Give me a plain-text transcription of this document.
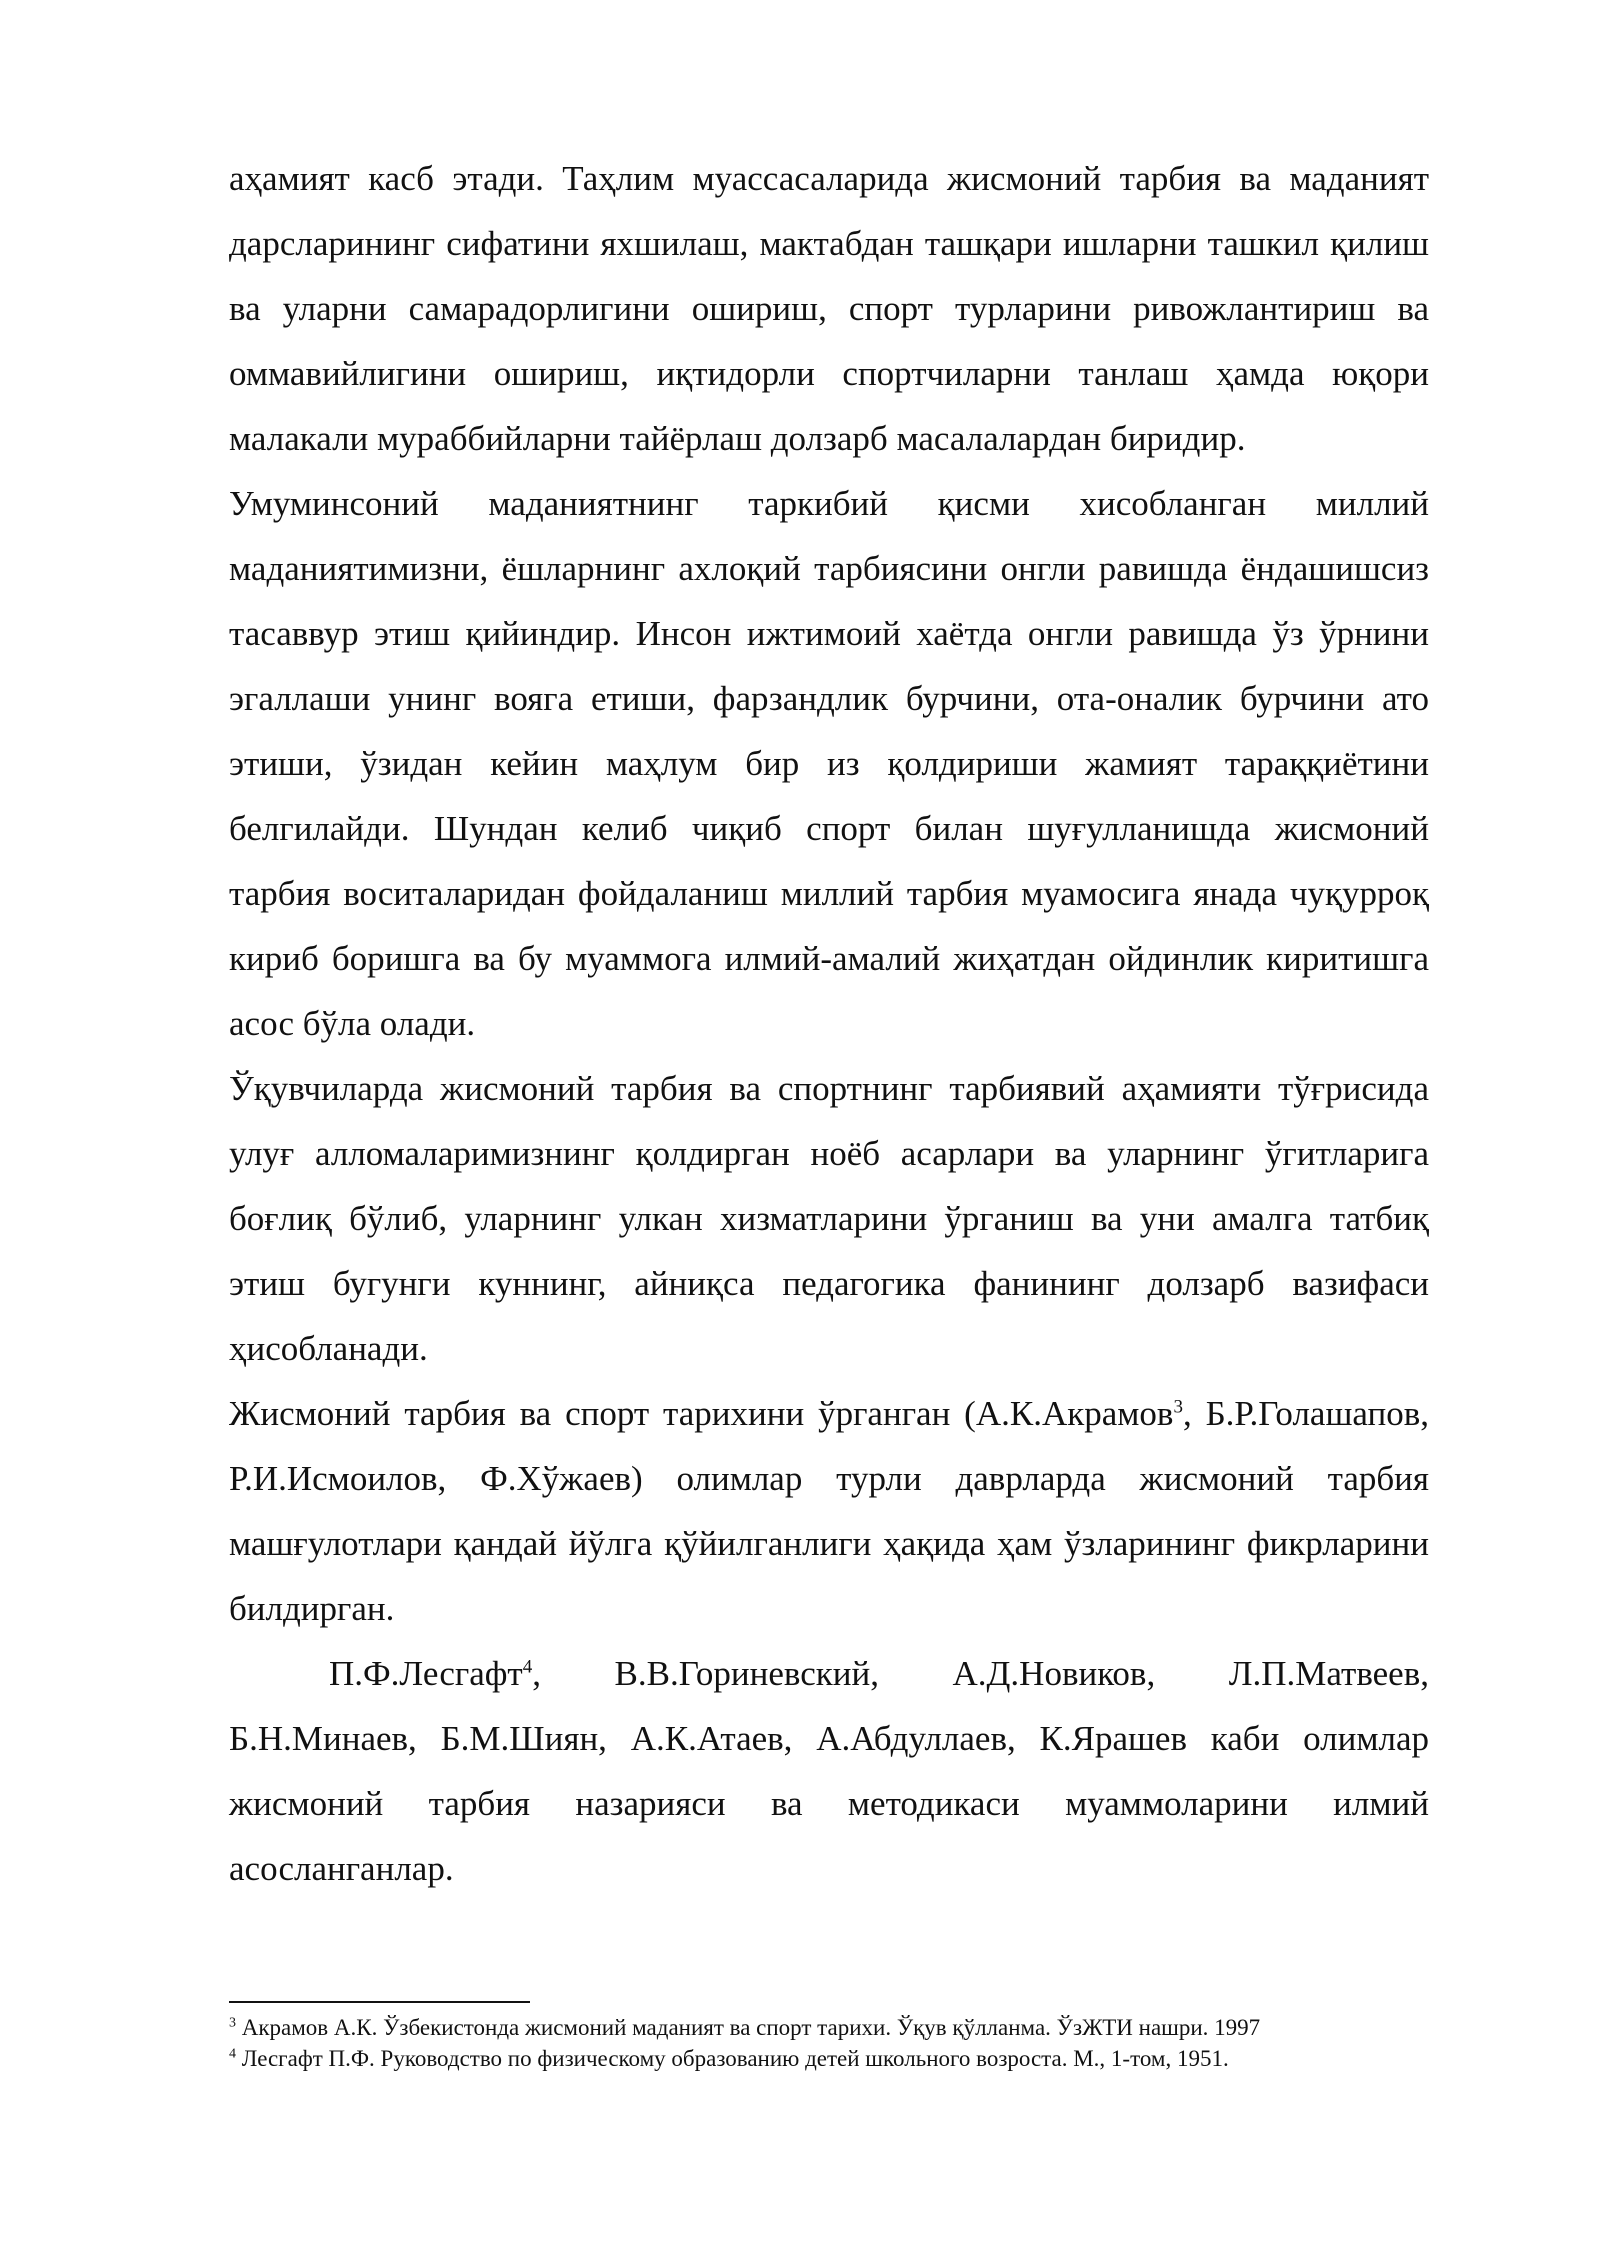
аҳамият касб этади. Таҳлим муассасаларида жисмоний тарбия ва маданият дарсларининг сифатини яхшилаш, мактабдан ташқари ишларни ташкил қилиш ва уларни самарадорлигини ошириш, спорт турларини ривожлантириш ва оммавийлигини ошириш, иқтидорли спортчиларни танлаш ҳамда юқори малакали мураббийларни тайёрлаш долзарб масалалардан биридир.

Умуминсоний маданиятнинг таркибий қисми хисобланган миллий маданиятимизни, ёшларнинг ахлоқий тарбиясини онгли равишда ёндашишсиз тасаввур этиш қийиндир. Инсон ижтимоий хаётда онгли равишда ўз ўрнини эгаллаши унинг вояга етиши, фарзандлик бурчини, ота-оналик бурчини ато этиши, ўзидан кейин маҳлум бир из қолдириши жамият тараққиётини белгилайди. Шундан келиб чиқиб спорт билан шуғулланишда жисмоний тарбия воситаларидан фойдаланиш миллий тарбия муамосига янада чуқурроқ кириб боришга ва бу муаммога илмий-амалий жиҳатдан ойдинлик киритишга асос бўла олади.

Ўқувчиларда жисмоний тарбия ва спортнинг тарбиявий аҳамияти тўғрисида улуғ алломаларимизнинг қолдирган ноёб асарлари ва уларнинг ўгитларига боғлиқ бўлиб, уларнинг улкан хизматларини ўрганиш ва уни амалга татбиқ этиш бугунги куннинг, айниқса педагогика фанининг долзарб вазифаси ҳисобланади.

Жисмоний тарбия ва спорт тарихини ўрганган (А.К.Акрамов$^3$, Б.Р.Голашапов, Р.И.Исмоилов, Ф.Хўжаев) олимлар турли даврларда жисмоний тарбия машғулотлари қандай йўлга қўйилганлиги ҳақида ҳам ўзларининг фикрларини билдирган.

П.Ф.Лесгафт$^4$, В.В.Гориневский, А.Д.Новиков, Л.П.Матвеев, Б.Н.Минаев, Б.М.Шиян, А.К.Атаев, А.Абдуллаев, К.Ярашев каби олимлар жисмоний тарбия назарияси ва методикаси муаммоларини илмий асосланганлар.

$^3$ Акрамов А.К. Ўзбекистонда жисмоний маданият ва спорт тарихи. Ўқув қўлланма. ЎзЖТИ нашри. 1997

$^4$ Лесгафт П.Ф. Руководство по физическому образованию детей школьного возроста. М., 1-том, 1951.
